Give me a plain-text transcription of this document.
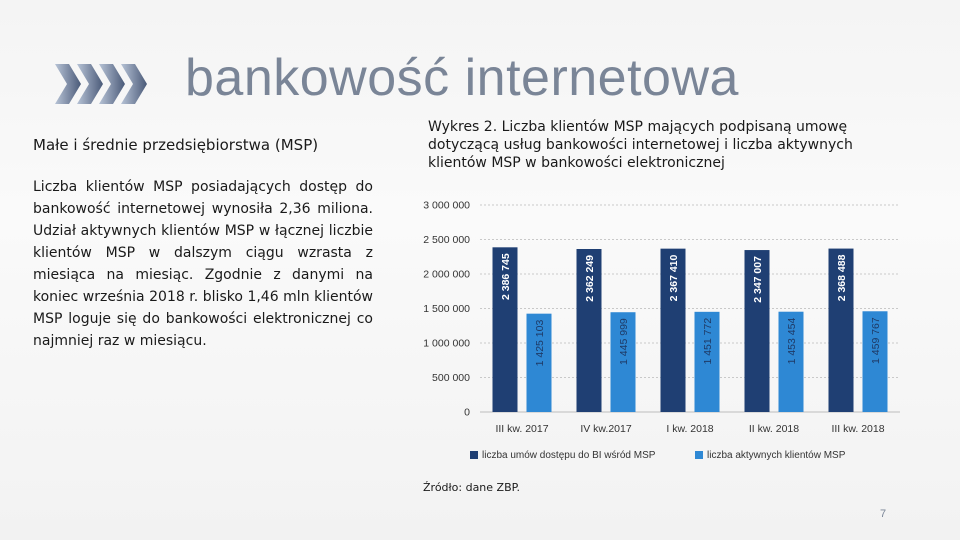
bankowość internetowa
Małe i średnie przedsiębiorstwa (MSP)
Liczba klientów MSP posiadających dostęp do bankowość internetowej wynosiła 2,36 miliona. Udział aktywnych klientów MSP w łącznej liczbie klientów MSP w dalszym ciągu wzrasta z miesiąca na miesiąc. Zgodnie z danymi na koniec września 2018 r. blisko 1,46 mln klientów MSP loguje się do bankowości elektronicznej co najmniej raz w miesiącu.
Wykres 2. Liczba klientów MSP mających podpisaną umowę dotyczącą usług bankowości internetowej i liczba aktywnych klientów MSP w bankowości elektronicznej
0
500 000
1 000 000
1 500 000
2 000 000
2 500 000
3 000 000
2 386 745
1 425 103
III kw. 2017
2 362 249
1 445 999
IV kw.2017
2 367 410
1 451 772
I kw. 2018
2 347 007
1 453 454
II kw. 2018
2 368 488
1 459 767
III kw. 2018
liczba umów dostępu do BI wśród MSP	liczba aktywnych klientów MSP
Źródło: dane ZBP.
7
